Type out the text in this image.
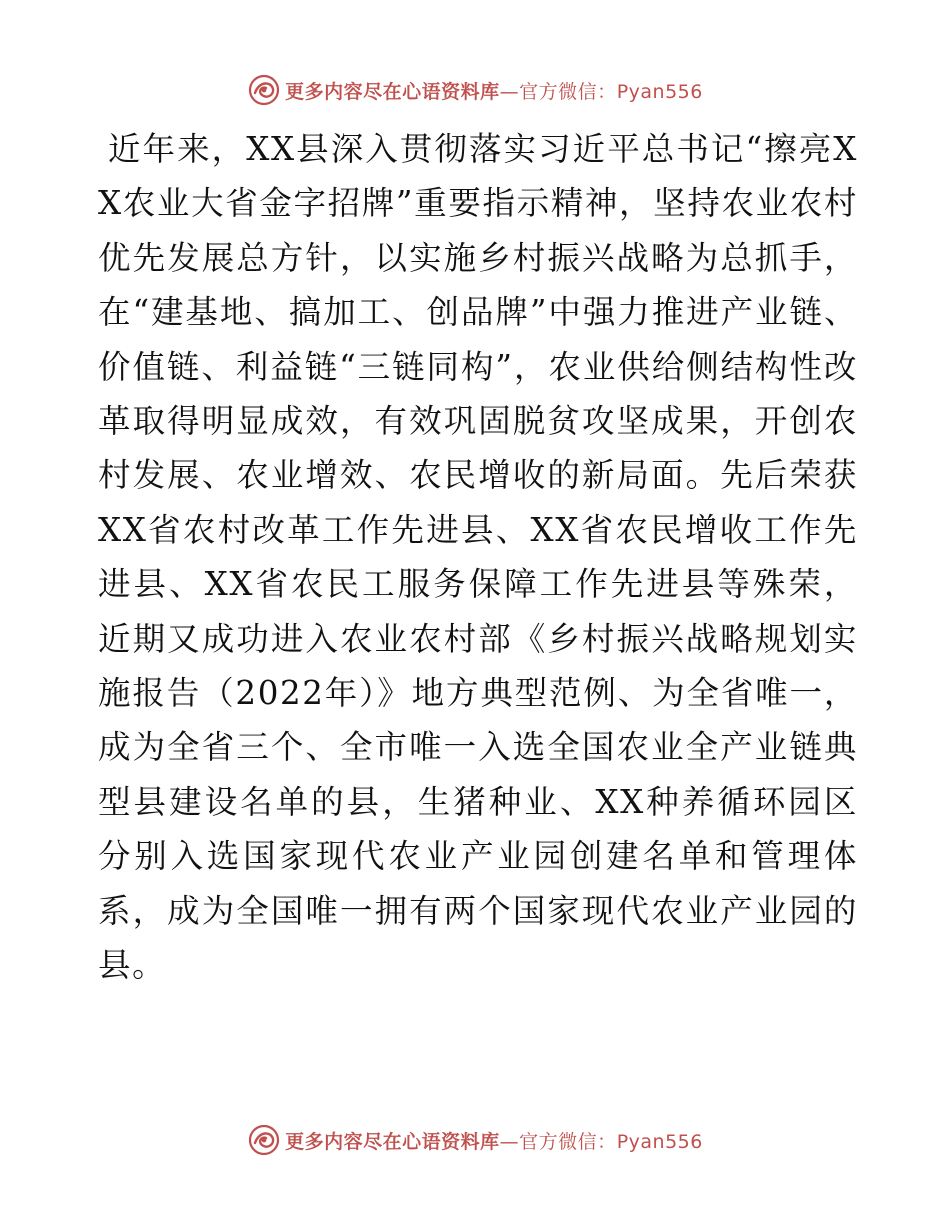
更多内容尽在心语资料库—官方微信：Pyan556

近年来，XX县深入贯彻落实习近平总书记“擦亮XX农业大省金字招牌”重要指示精神，坚持农业农村优先发展总方针，以实施乡村振兴战略为总抓手，在“建基地、搞加工、创品牌”中强力推进产业链、价值链、利益链“三链同构”，农业供给侧结构性改革取得明显成效，有效巩固脱贫攻坚成果，开创农村发展、农业增效、农民增收的新局面。先后荣获XX省农村改革工作先进县、XX省农民增收工作先进县、XX省农民工服务保障工作先进县等殊荣，近期又成功进入农业农村部《乡村振兴战略规划实施报告（2022年）》地方典型范例、为全省唯一，成为全省三个、全市唯一入选全国农业全产业链典型县建设名单的县，生猪种业、XX种养循环园区分别入选国家现代农业产业园创建名单和管理体系，成为全国唯一拥有两个国家现代农业产业园的县。

更多内容尽在心语资料库—官方微信：Pyan556
